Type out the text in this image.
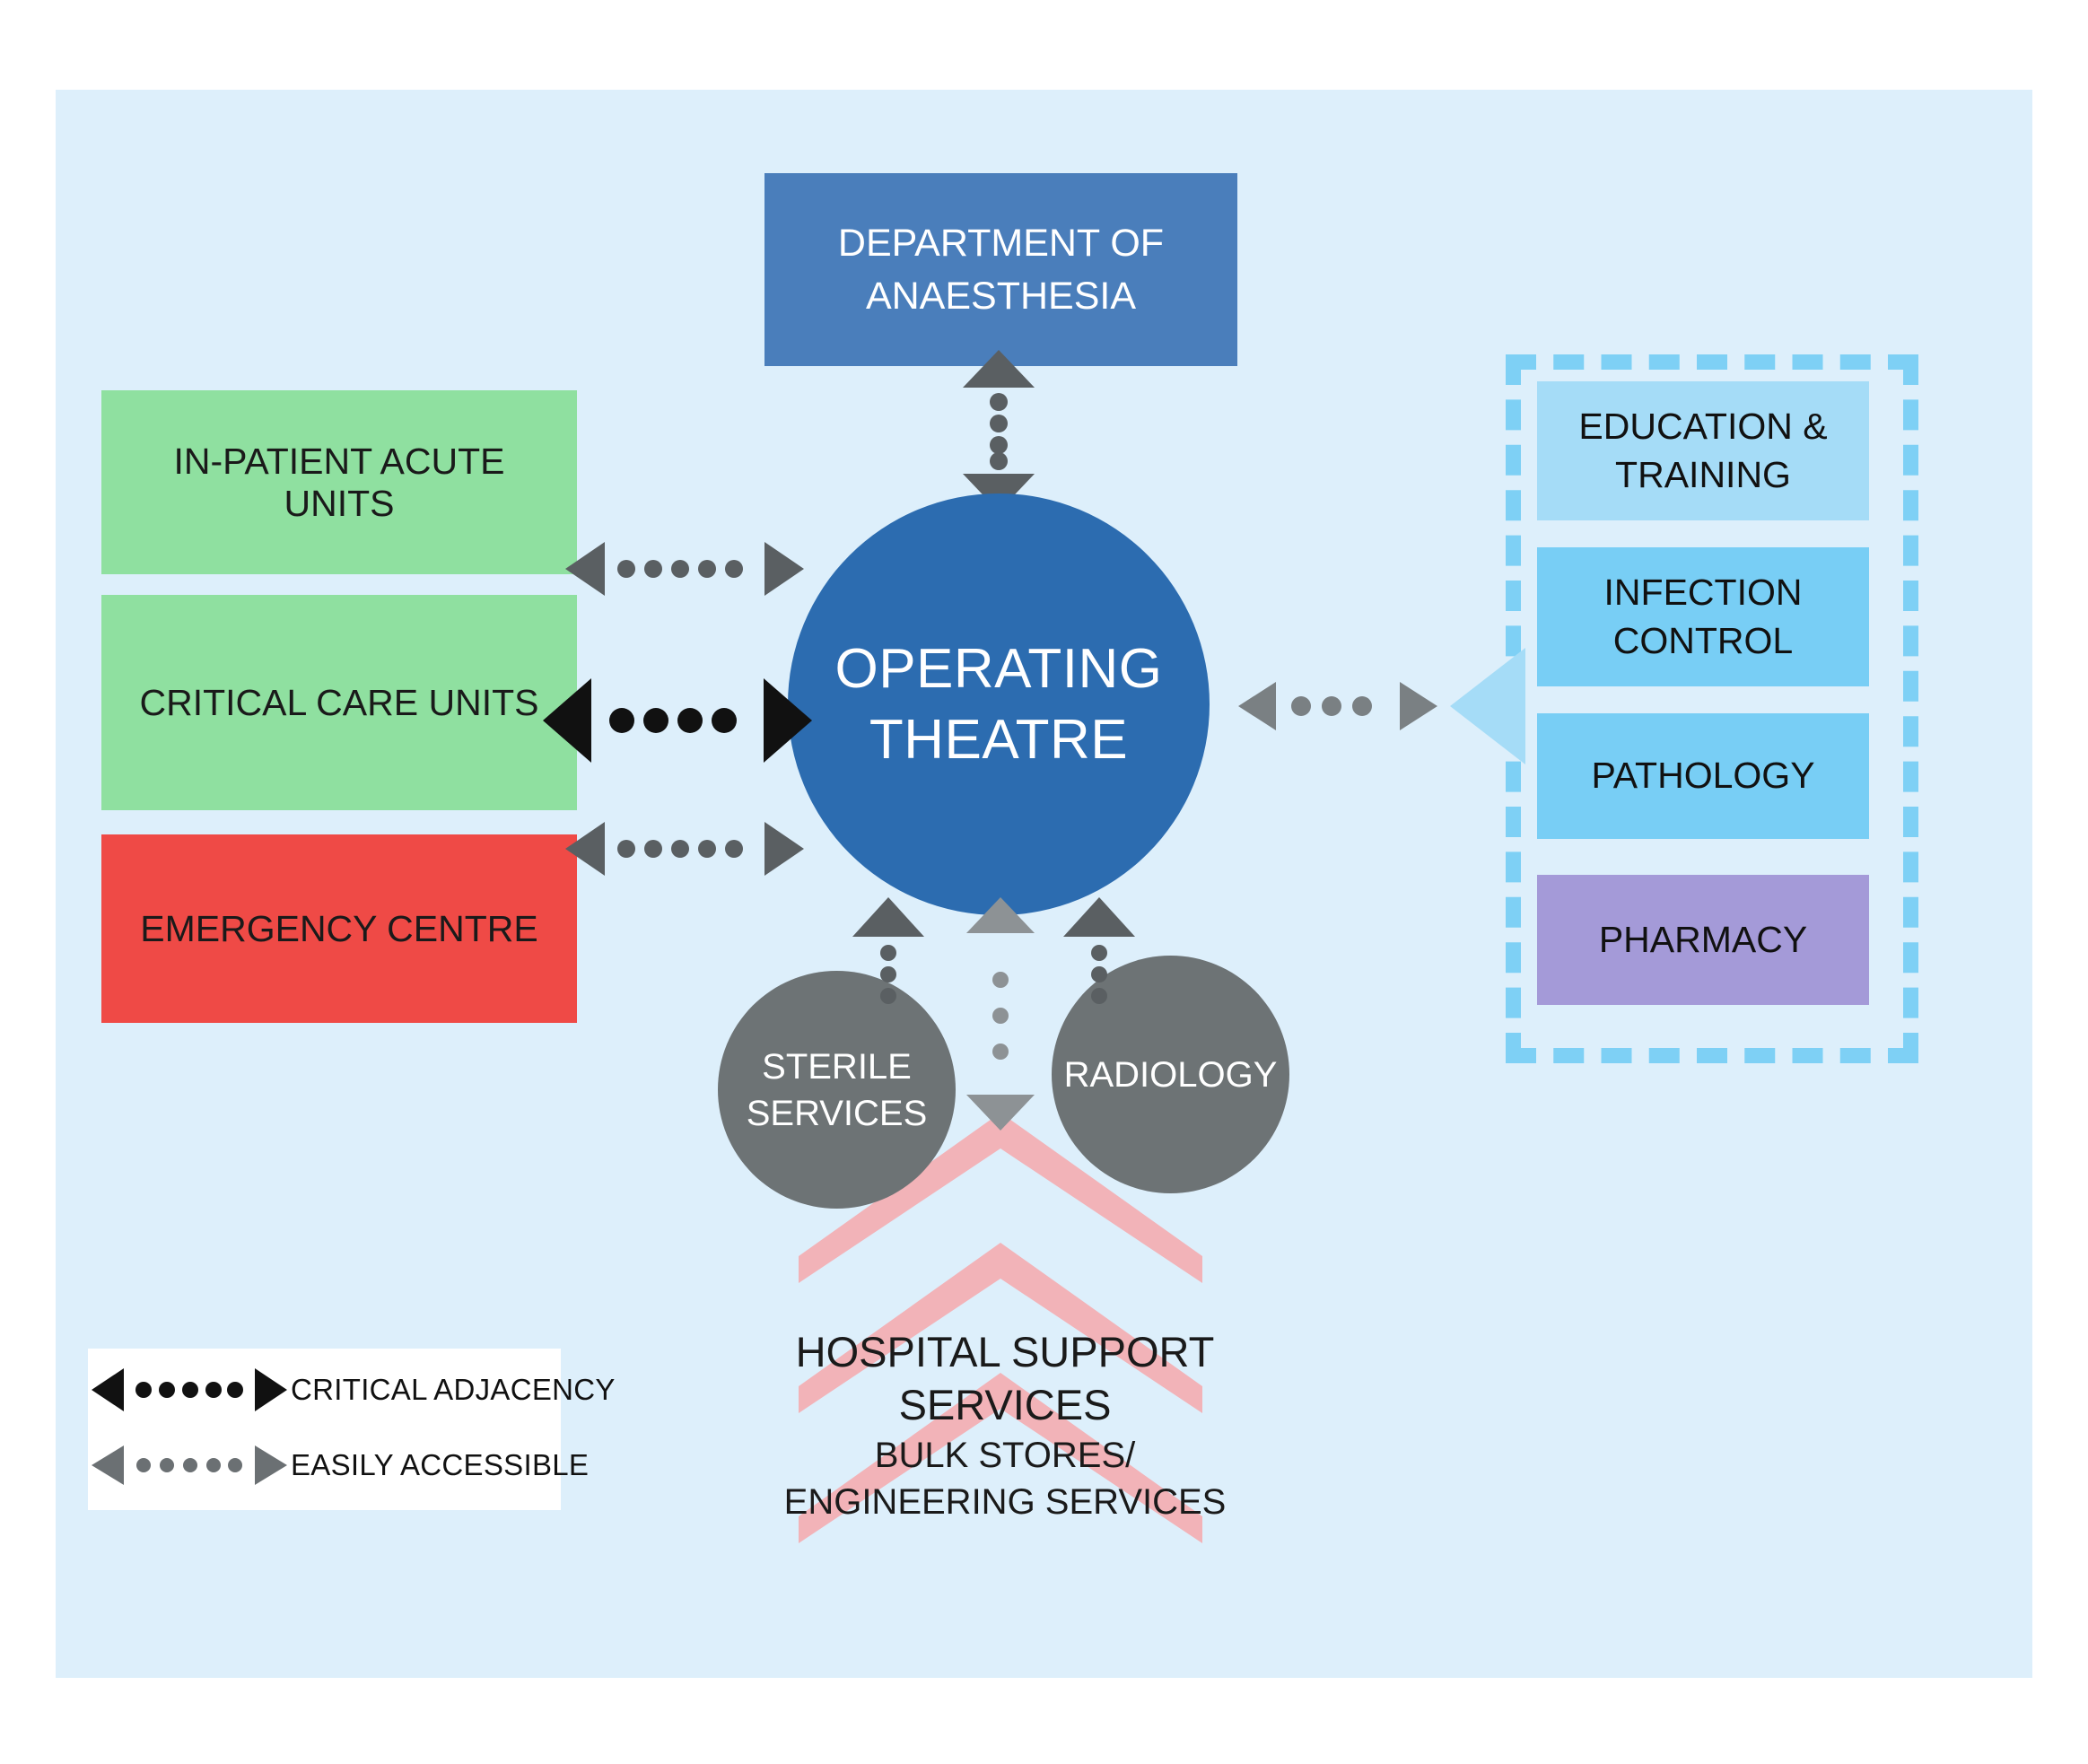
DEPARTMENT OF
ANAESTHESIA
OPERATING
THEATRE
IN-PATIENT ACUTE UNITS
CRITICAL CARE UNITS
EMERGENCY CENTRE
EDUCATION &
TRAINING
INFECTION
CONTROL
PATHOLOGY
PHARMACY
HOSPITAL SUPPORT SERVICES
BULK STORES/
ENGINEERING SERVICES
STERILE
SERVICES
RADIOLOGY
CRITICAL ADJACENCY
EASILY ACCESSIBLE
